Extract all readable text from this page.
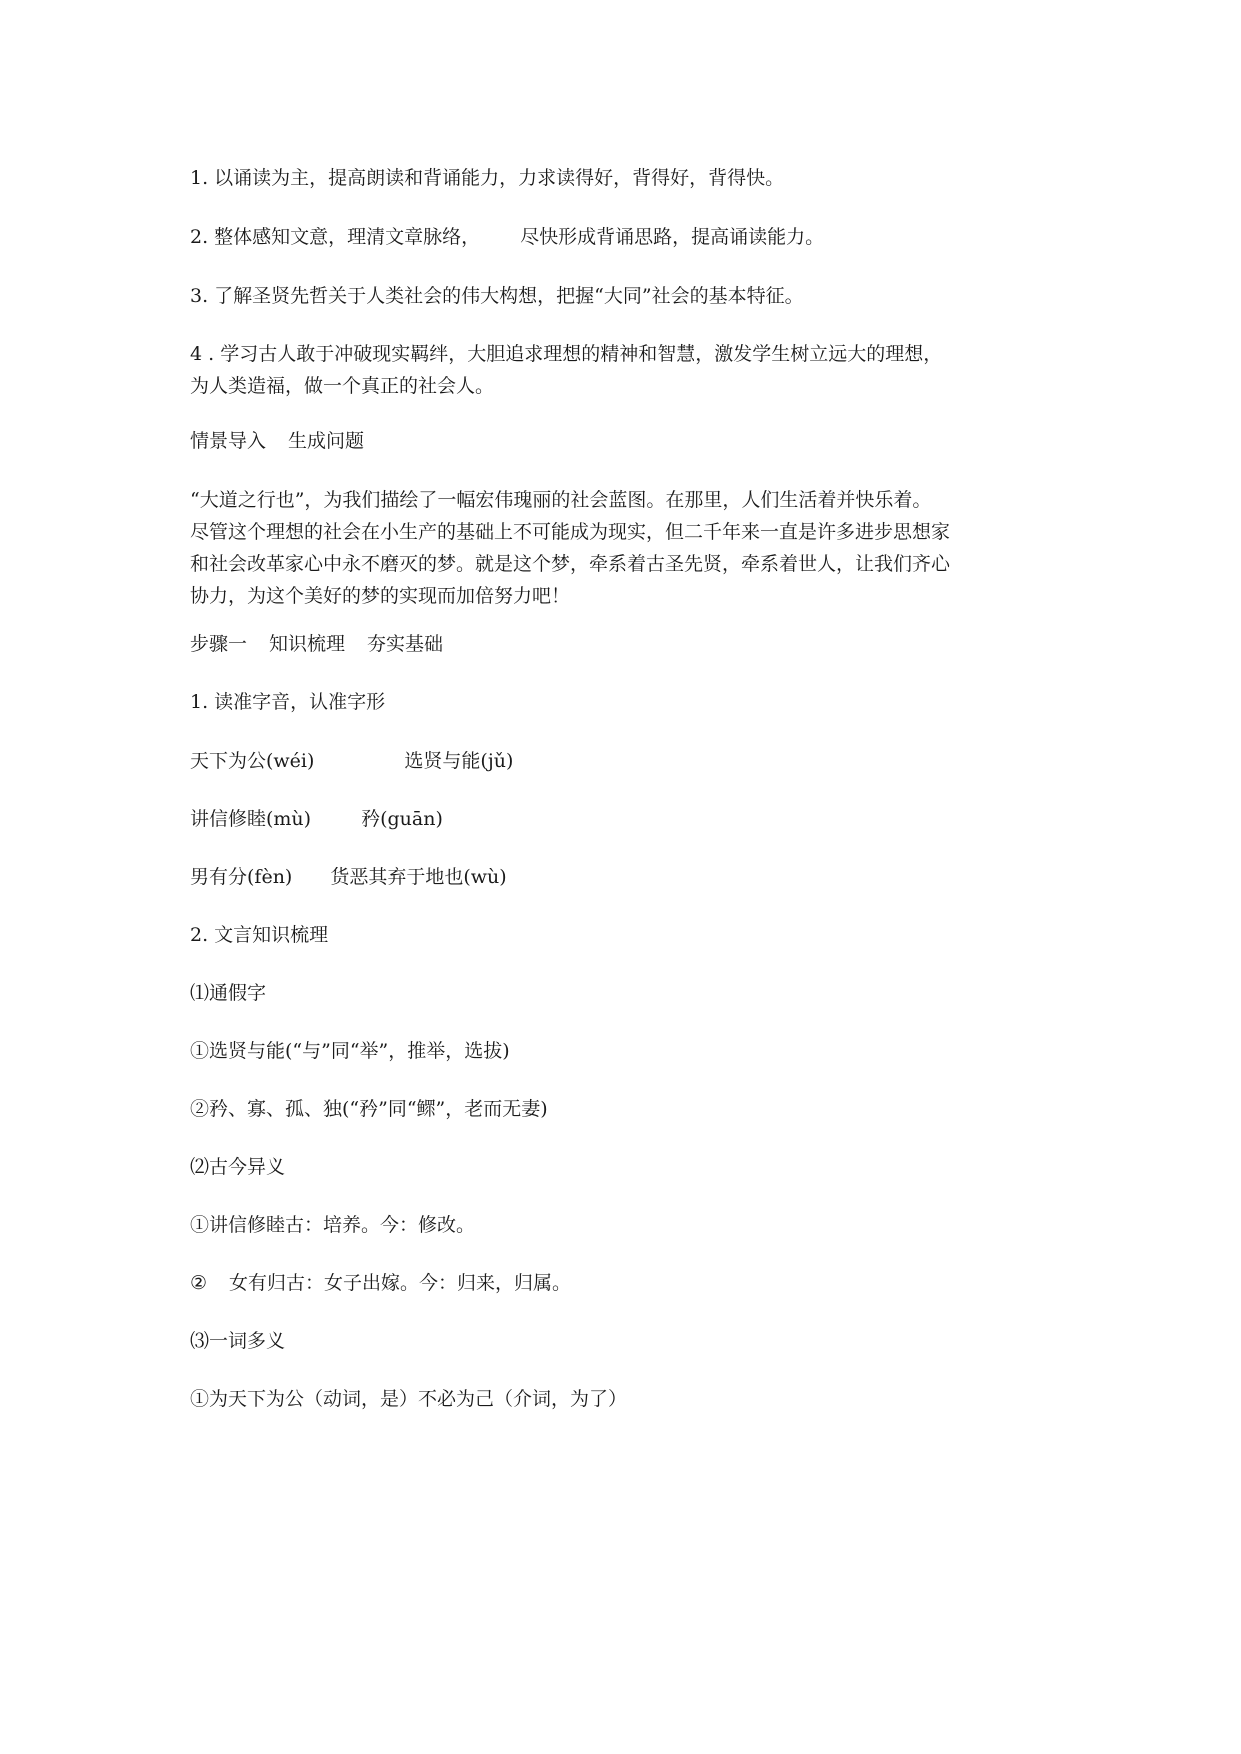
1. 以诵读为主，提高朗读和背诵能力，力求读得好，背得好，背得快。
2. 整体感知文意，理清文章脉络， 尽快形成背诵思路，提高诵读能力。
3. 了解圣贤先哲关于人类社会的伟大构想，把握“大同”社会的基本特征。
4 . 学习古人敢于冲破现实羁绊，大胆追求理想的精神和智慧，激发学生树立远大的理想，
为人类造福，做一个真正的社会人。
情景导入 生成问题
“大道之行也”，为我们描绘了一幅宏伟瑰丽的社会蓝图。在那里，人们生活着并快乐着。
尽管这个理想的社会在小生产的基础上不可能成为现实，但二千年来一直是许多进步思想家
和社会改革家心中永不磨灭的梦。就是这个梦，牵系着古圣先贤，牵系着世人，让我们齐心
协力，为这个美好的梦的实现而加倍努力吧！
步骤一 知识梳理 夯实基础
1. 读准字音，认准字形
天下为公(wéi)	选贤与能(jǔ)
讲信修睦(mù)	矜(guān)
男有分(fèn) 货恶其弃于地也(wù)
2. 文言知识梳理
⑴通假字
①选贤与能(“与”同“举”，推举，选拔)
②矜、寡、孤、独(“矜”同“鳏”，老而无妻)
⑵古今异义
①讲信修睦古：培养。今：修改。
② 女有归古：女子出嫁。今：归来，归属。
⑶一词多义
①为天下为公（动词，是）不必为己（介词，为了）
